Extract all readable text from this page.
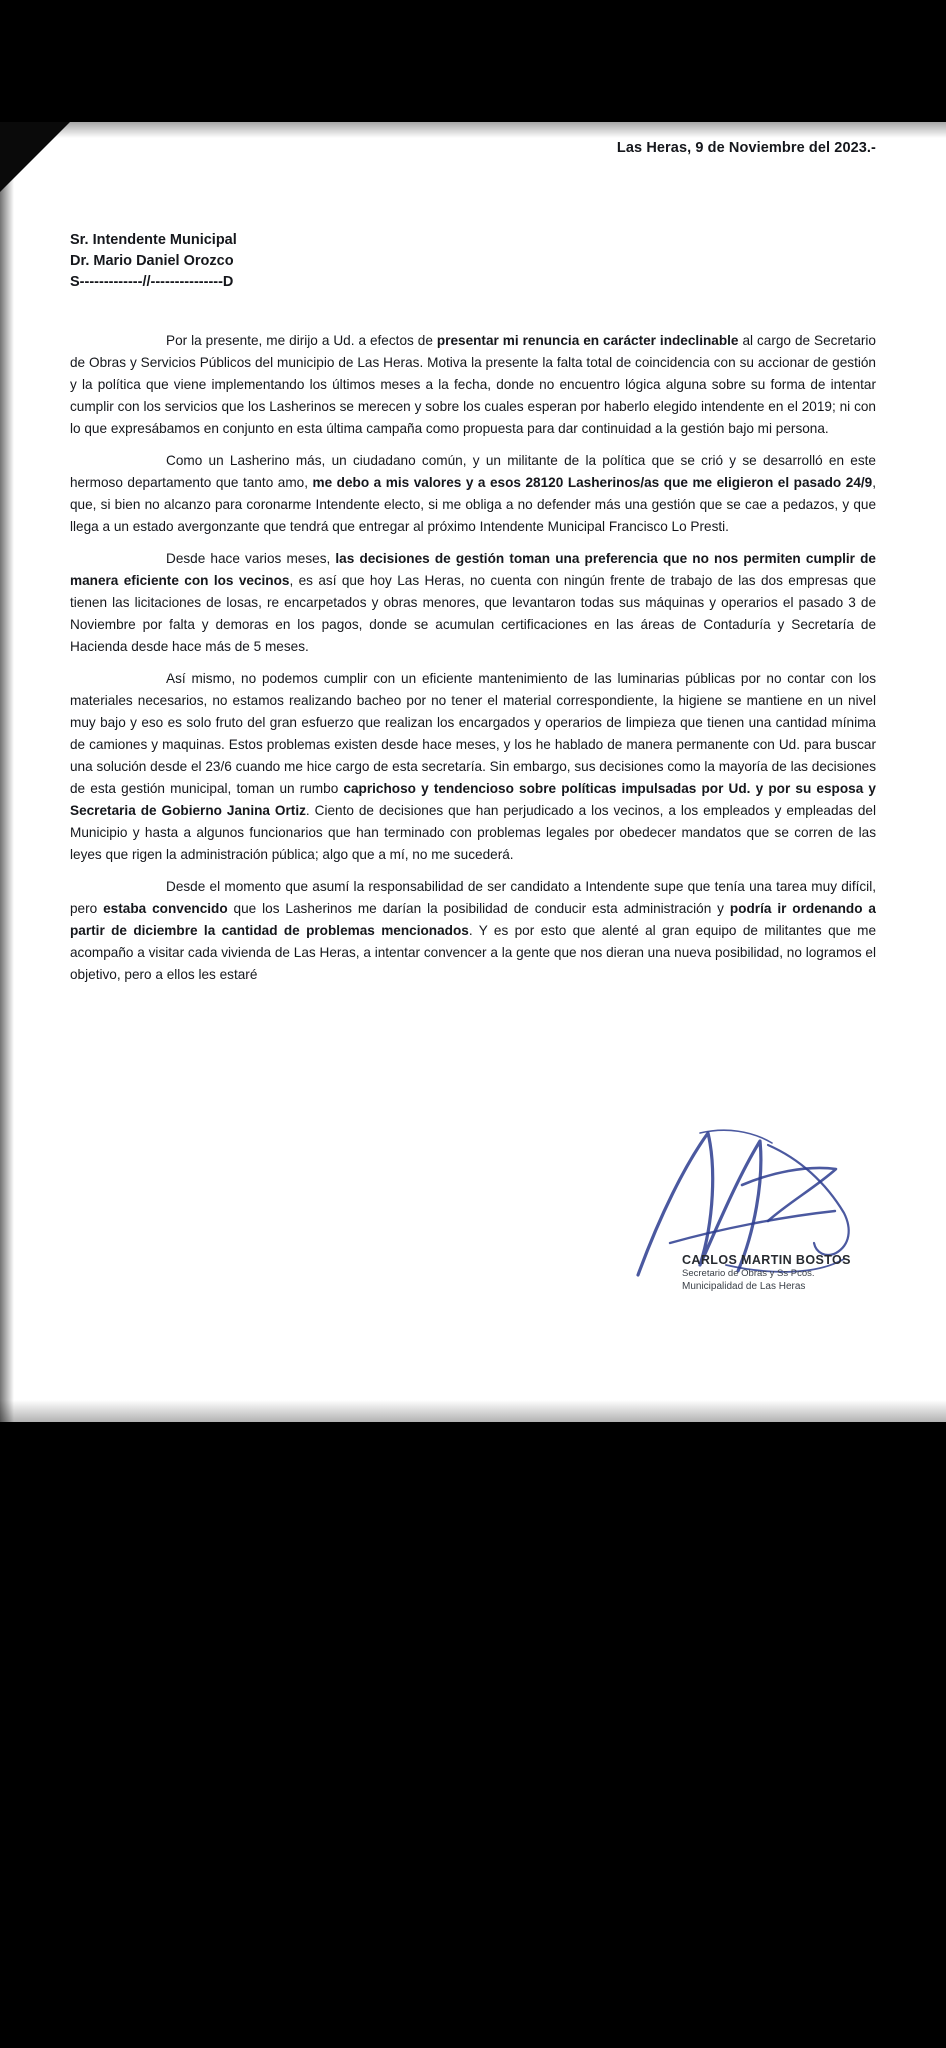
Las Heras, 9 de Noviembre del 2023.-
Sr. Intendente Municipal
Dr. Mario Daniel Orozco
S-------------//---------------D

Por la presente, me dirijo a Ud. a efectos de presentar mi renuncia en carácter indeclinable al cargo de Secretario de Obras y Servicios Públicos del municipio de Las Heras. Motiva la presente la falta total de coincidencia con su accionar de gestión y la política que viene implementando los últimos meses a la fecha, donde no encuentro lógica alguna sobre su forma de intentar cumplir con los servicios que los Lasherinos se merecen y sobre los cuales esperan por haberlo elegido intendente en el 2019; ni con lo que expresábamos en conjunto en esta última campaña como propuesta para dar continuidad a la gestión bajo mi persona.

Como un Lasherino más, un ciudadano común, y un militante de la política que se crió y se desarrolló en este hermoso departamento que tanto amo, me debo a mis valores y a esos 28120 Lasherinos/as que me eligieron el pasado 24/9, que, si bien no alcanzo para coronarme Intendente electo, si me obliga a no defender más una gestión que se cae a pedazos, y que llega a un estado avergonzante que tendrá que entregar al próximo Intendente Municipal Francisco Lo Presti.

Desde hace varios meses, las decisiones de gestión toman una preferencia que no nos permiten cumplir de manera eficiente con los vecinos, es así que hoy Las Heras, no cuenta con ningún frente de trabajo de las dos empresas que tienen las licitaciones de losas, re encarpetados y obras menores, que levantaron todas sus máquinas y operarios el pasado 3 de Noviembre por falta y demoras en los pagos, donde se acumulan certificaciones en las áreas de Contaduría y Secretaría de Hacienda desde hace más de 5 meses.

Así mismo, no podemos cumplir con un eficiente mantenimiento de las luminarias públicas por no contar con los materiales necesarios, no estamos realizando bacheo por no tener el material correspondiente, la higiene se mantiene en un nivel muy bajo y eso es solo fruto del gran esfuerzo que realizan los encargados y operarios de limpieza que tienen una cantidad mínima de camiones y maquinas. Estos problemas existen desde hace meses, y los he hablado de manera permanente con Ud. para buscar una solución desde el 23/6 cuando me hice cargo de esta secretaría. Sin embargo, sus decisiones como la mayoría de las decisiones de esta gestión municipal, toman un rumbo caprichoso y tendencioso sobre políticas impulsadas por Ud. y por su esposa y Secretaria de Gobierno Janina Ortiz. Ciento de decisiones que han perjudicado a los vecinos, a los empleados y empleadas del Municipio y hasta a algunos funcionarios que han terminado con problemas legales por obedecer mandatos que se corren de las leyes que rigen la administración pública; algo que a mí, no me sucederá.

Desde el momento que asumí la responsabilidad de ser candidato a Intendente supe que tenía una tarea muy difícil, pero estaba convencido que los Lasherinos me darían la posibilidad de conducir esta administración y podría ir ordenando a partir de diciembre la cantidad de problemas mencionados. Y es por esto que alenté al gran equipo de militantes que me acompaño a visitar cada vivienda de Las Heras, a intentar convencer a la gente que nos dieran una nueva posibilidad, no logramos el objetivo, pero a ellos les estaré

CARLOS MARTIN BOSTOS
Secretario de Obras y Ss Pcos.
Municipalidad de Las Heras
